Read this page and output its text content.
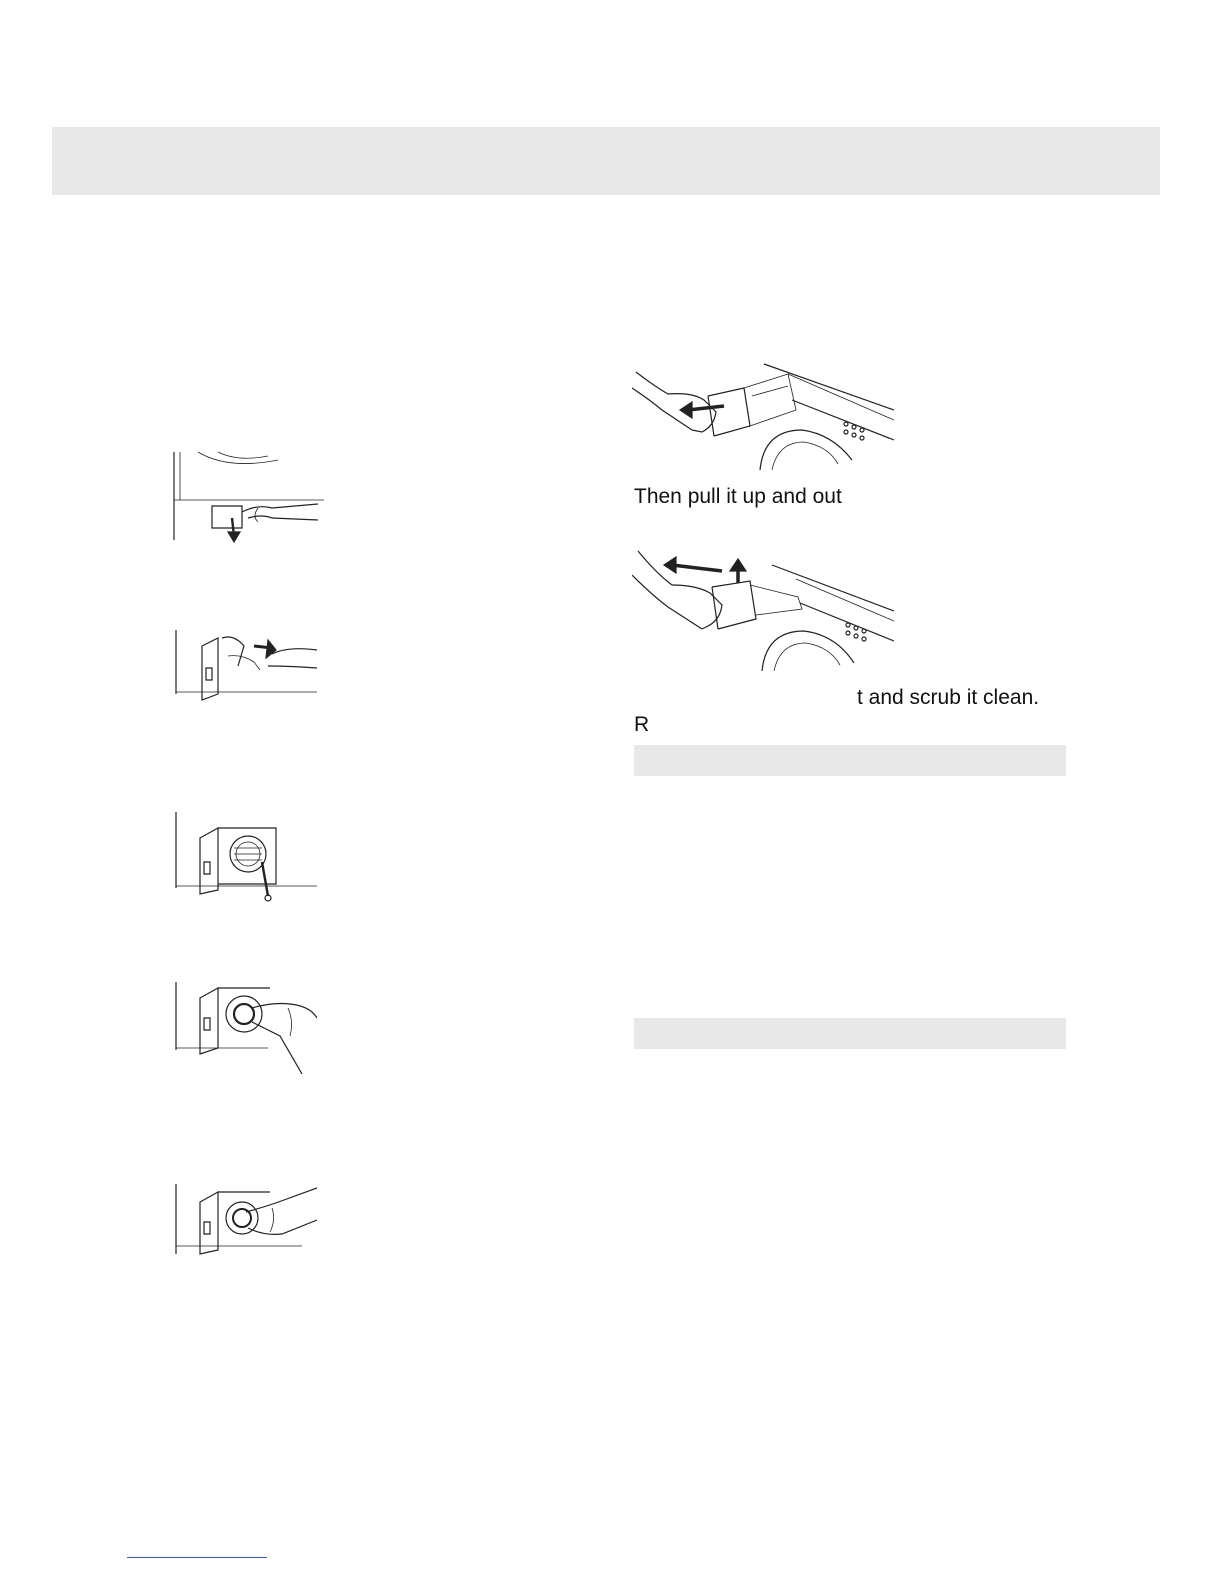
Then pull it up and out
t and scrub it clean.
R
